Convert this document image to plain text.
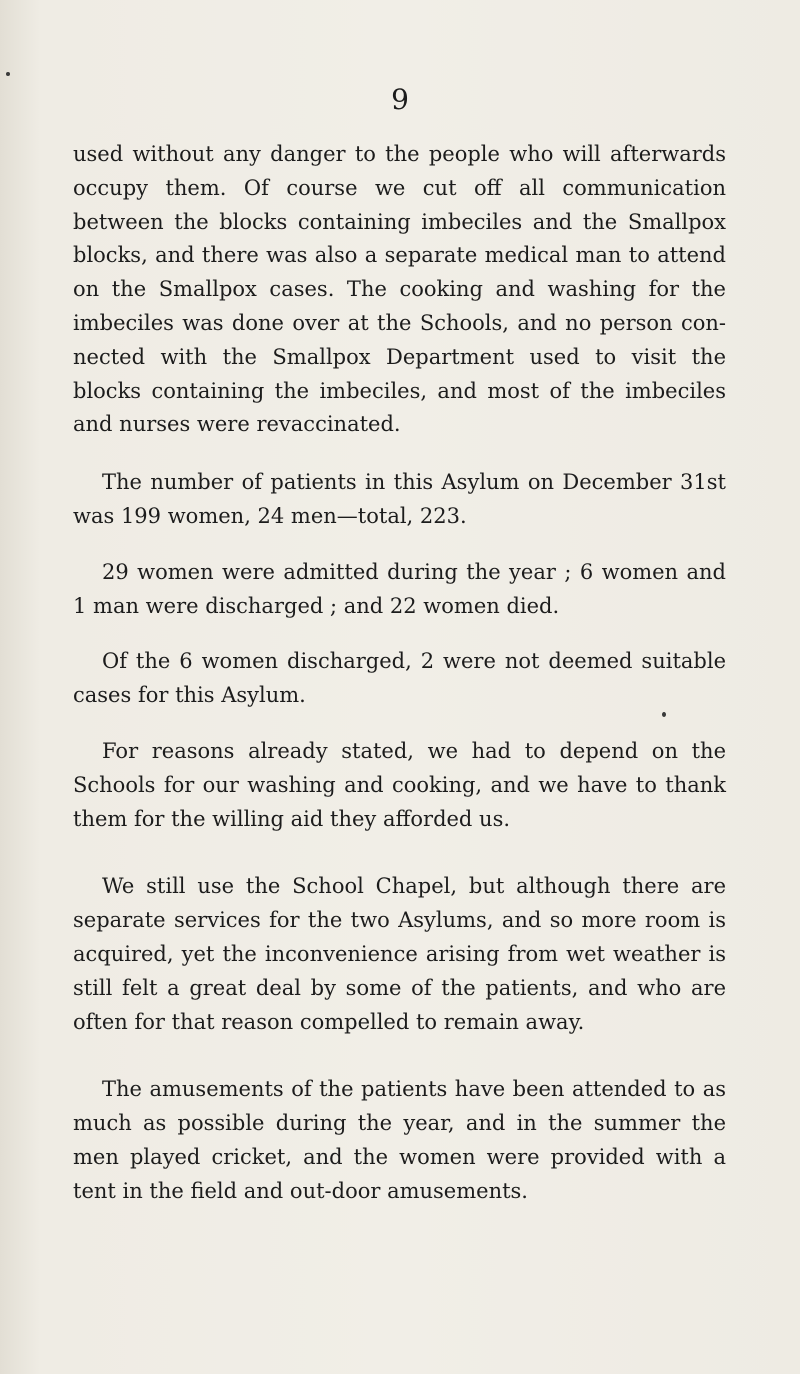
9

used without any danger to the people who will afterwards occupy them. Of course we cut off all communication between the blocks containing imbeciles and the Smallpox blocks, and there was also a separate medical man to attend on the Smallpox cases. The cooking and washing for the imbeciles was done over at the Schools, and no person con- nected with the Smallpox Department used to visit the blocks containing the imbeciles, and most of the imbeciles and nurses were revaccinated.

The number of patients in this Asylum on December 31st was 199 women, 24 men—total, 223.

29 women were admitted during the year ; 6 women and 1 man were discharged ; and 22 women died.

Of the 6 women discharged, 2 were not deemed suitable cases for this Asylum.

For reasons already stated, we had to depend on the Schools for our washing and cooking, and we have to thank them for the willing aid they afforded us.

We still use the School Chapel, but although there are separate services for the two Asylums, and so more room is acquired, yet the inconvenience arising from wet weather is still felt a great deal by some of the patients, and who are often for that reason compelled to remain away.

The amusements of the patients have been attended to as much as possible during the year, and in the summer the men played cricket, and the women were provided with a tent in the field and out-door amusements.
